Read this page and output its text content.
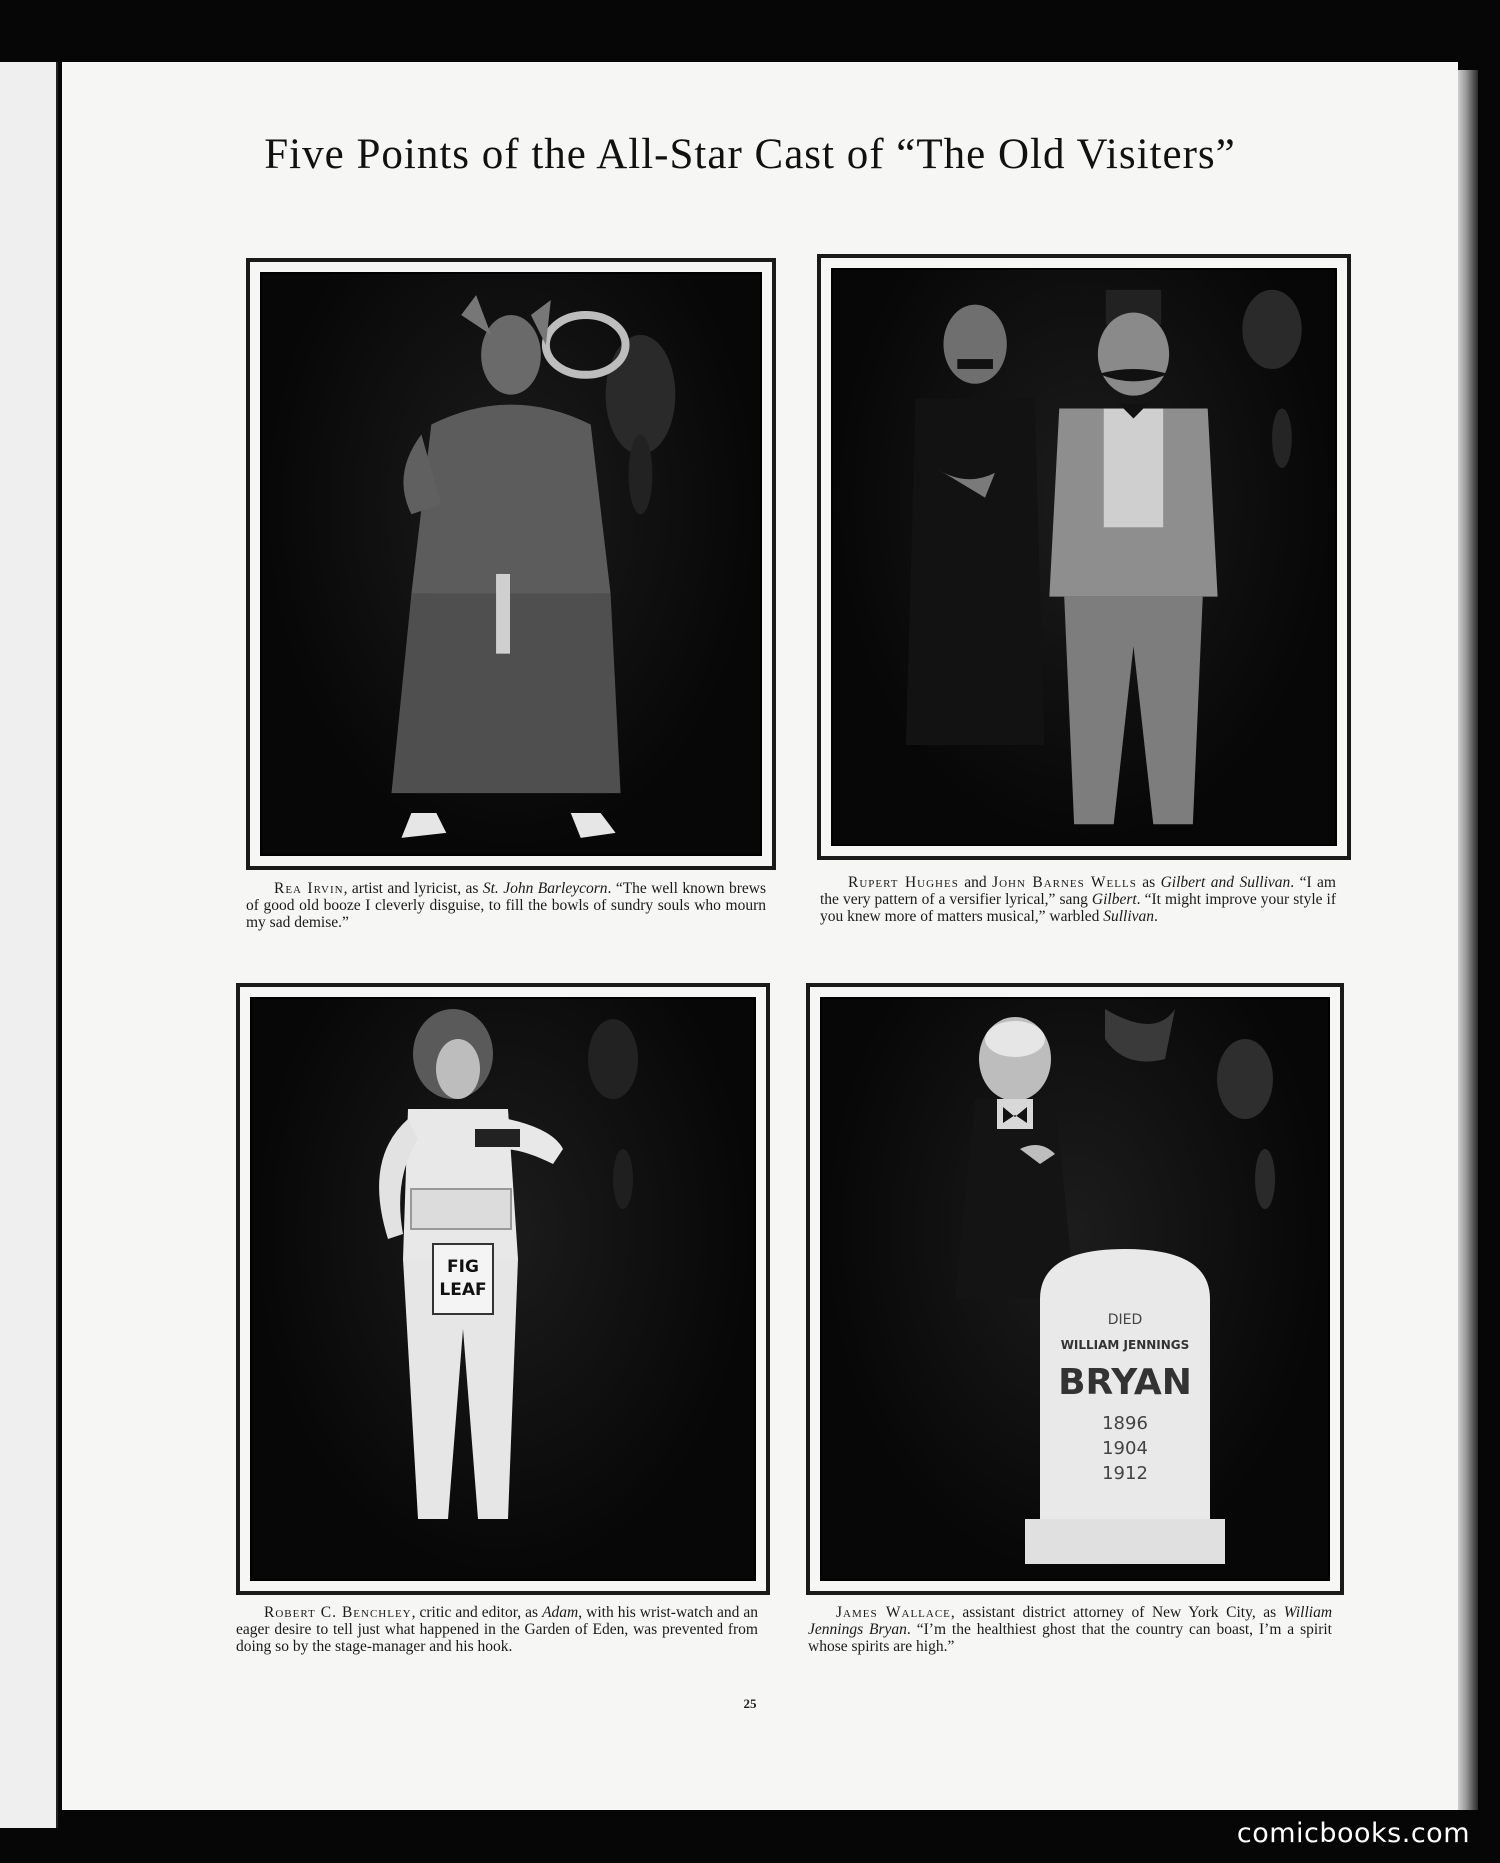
Five Points of the All-Star Cast of “The Old Visiters”

Rea Irvin, artist and lyricist, as St. John Barleycorn. “The well known brews of good old booze I cleverly disguise, to fill the bowls of sundry souls who mourn my sad demise.”

Rupert Hughes and John Barnes Wells as Gilbert and Sullivan. “I am the very pattern of a versifier lyrical,” sang Gilbert. “It might improve your style if you knew more of matters musical,” warbled Sullivan.

FIG
LEAF

Robert C. Benchley, critic and editor, as Adam, with his wrist-watch and an eager desire to tell just what happened in the Garden of Eden, was prevented from doing so by the stage-manager and his hook.

DIED
WILLIAM JENNINGS
BRYAN
1896
1904
1912

James Wallace, assistant district attorney of New York City, as William Jennings Bryan. “I’m the healthiest ghost that the country can boast, I’m a spirit whose spirits are high.”

25
comicbooks.com
